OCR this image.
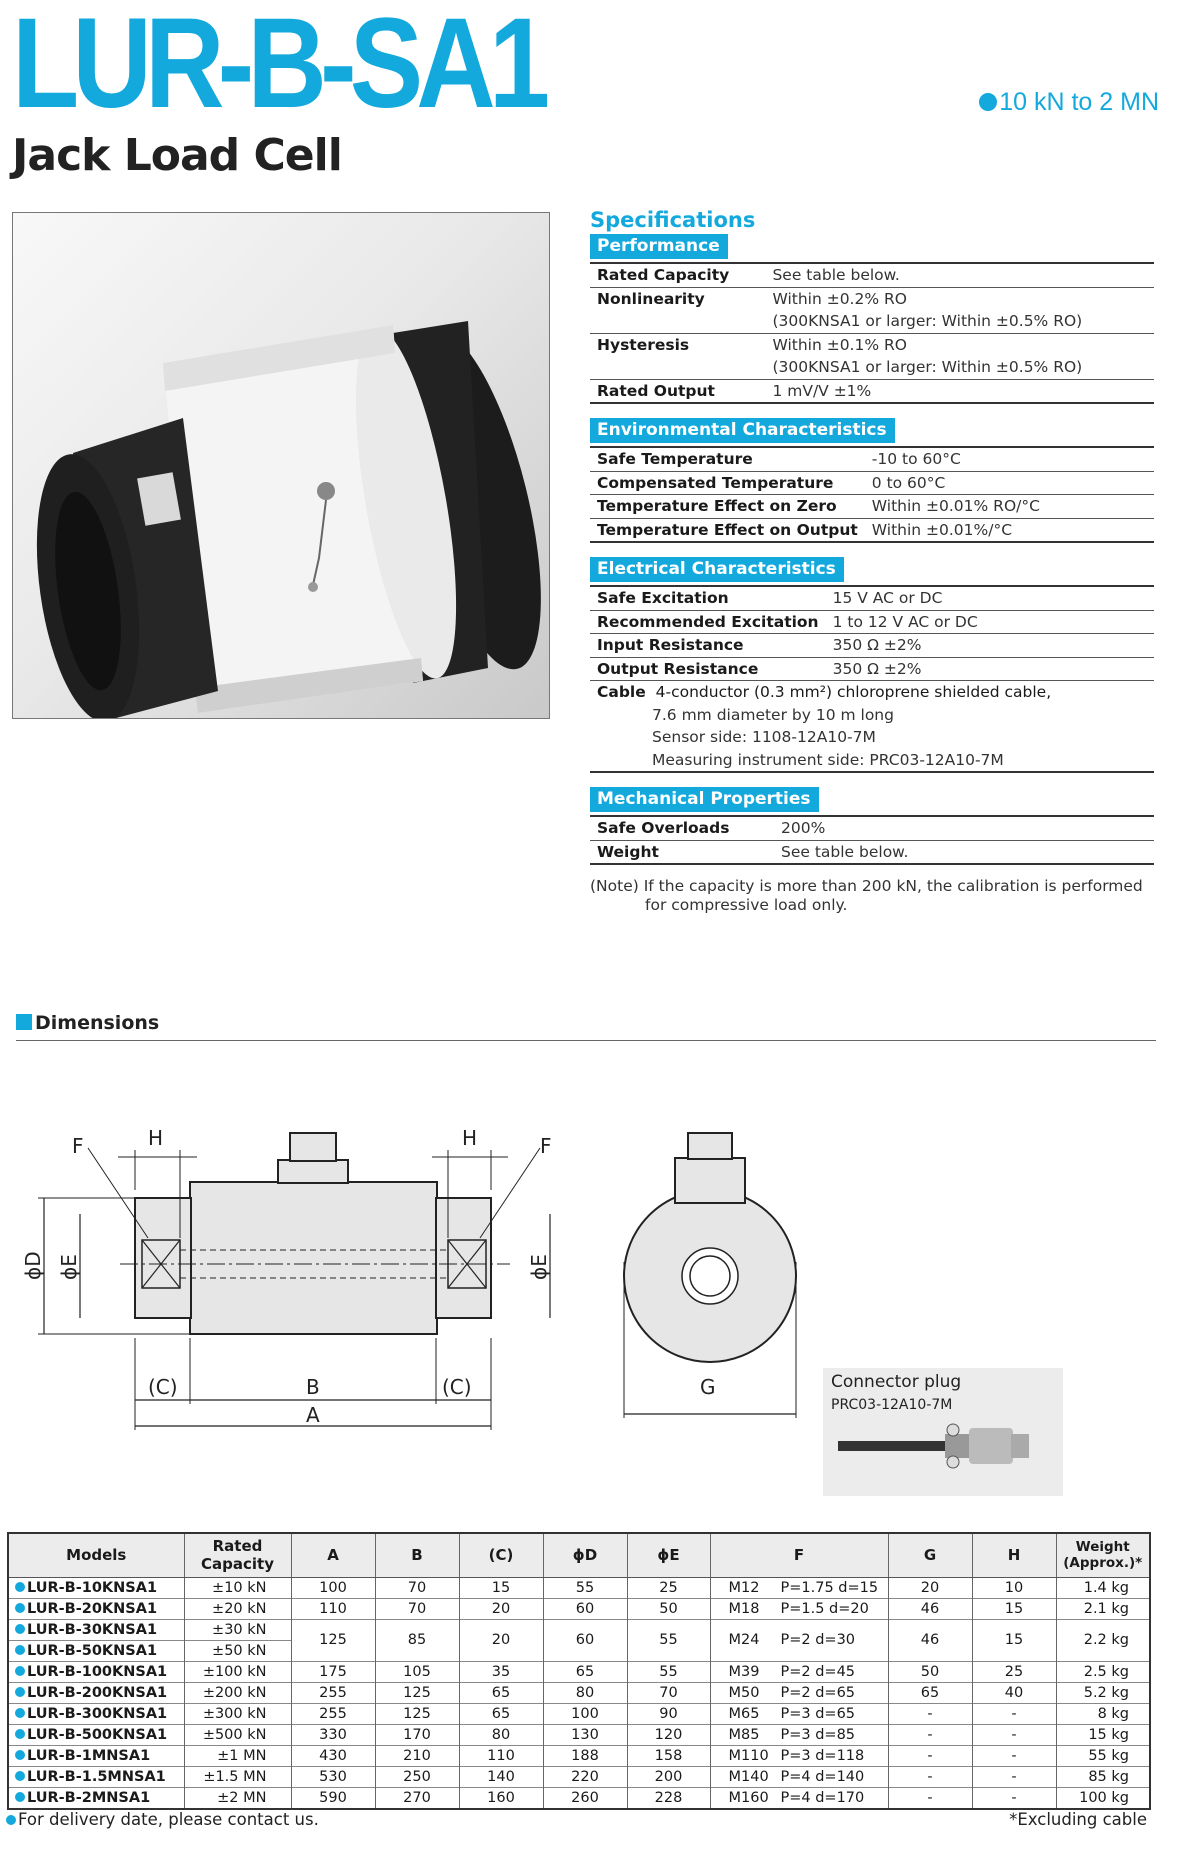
LUR-B-SA1
Jack Load Cell
10 kN to 2 MN
Specifications
Performance
Rated Capacity	See table below.
Nonlinearity	Within ±0.2% RO
	(300KNSA1 or larger: Within ±0.5% RO)
Hysteresis	Within ±0.1% RO
	(300KNSA1 or larger: Within ±0.5% RO)
Rated Output	1 mV/V ±1%
Environmental Characteristics
Safe Temperature	-10 to 60°C
Compensated Temperature	0 to 60°C
Temperature Effect on Zero	Within ±0.01% RO/°C
Temperature Effect on Output	Within ±0.01%/°C
Electrical Characteristics
Safe Excitation	15 V AC or DC
Recommended Excitation	1 to 12 V AC or DC
Input Resistance	350 Ω ±2%
Output Resistance	350 Ω ±2%
Cable 4-conductor (0.3 mm²) chloroprene shielded cable,	
7.6 mm diameter by 10 m long	
Sensor side: 1108-12A10-7M	
Measuring instrument side: PRC03-12A10-7M	
Mechanical Properties
Safe Overloads	200%
Weight	See table below.
(Note) If the capacity is more than 200 kN, the calibration is performed
for compressive load only.
Dimensions
F	H	H	F
(C)	B	(C)
A
G
ϕD ϕE	ϕE
Connector plug
PRC03-12A10-7M
Models	Rated Capacity	A	B	(C)	ϕD	ϕE	F	G	H	Weight (Approx.)*
LUR-B-10KNSA1	±10 kN	100	70	15	55	25	M12 P=1.75 d=15	20	10	1.4 kg
LUR-B-20KNSA1	±20 kN	110	70	20	60	50	M18 P=1.5 d=20	46	15	2.1 kg
LUR-B-30KNSA1	±30 kN	125	85	20	60	55	M24 P=2 d=30	46	15	2.2 kg
LUR-B-50KNSA1	±50 kN									
LUR-B-100KNSA1	±100 kN	175	105	35	65	55	M39 P=2 d=45	50	25	2.5 kg
LUR-B-200KNSA1	±200 kN	255	125	65	80	70	M50 P=2 d=65	65	40	5.2 kg
LUR-B-300KNSA1	±300 kN	255	125	65	100	90	M65 P=3 d=65	-	-	8 kg
LUR-B-500KNSA1	±500 kN	330	170	80	130	120	M85 P=3 d=85	-	-	15 kg
LUR-B-1MNSA1	±1 MN	430	210	110	188	158	M110 P=3 d=118	-	-	55 kg
LUR-B-1.5MNSA1	±1.5 MN	530	250	140	220	200	M140 P=4 d=140	-	-	85 kg
LUR-B-2MNSA1	±2 MN	590	270	160	260	228	M160 P=4 d=170	-	-	100 kg
For delivery date, please contact us.	*Excluding cable
